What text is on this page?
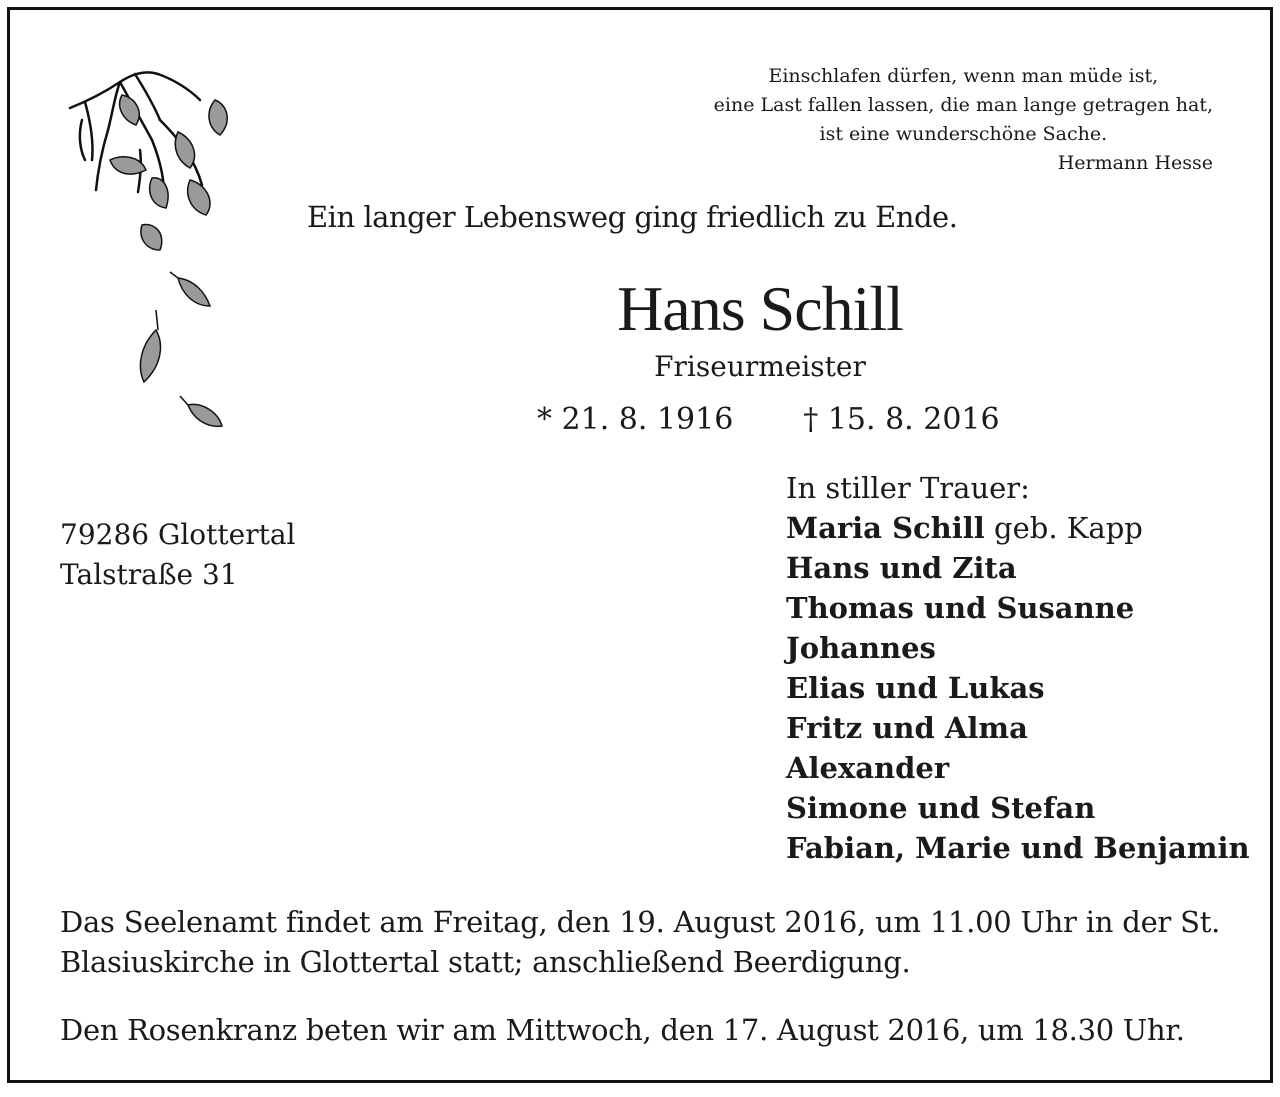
Einschlafen dürfen, wenn man müde ist,
eine Last fallen lassen, die man lange getragen hat,
ist eine wunderschöne Sache.
Hermann Hesse
Ein langer Lebensweg ging friedlich zu Ende.
Hans Schill
Friseurmeister
* 21. 8. 1916 † 15. 8. 2016
79286 Glottertal
Talstraße 31
In stiller Trauer:
Maria Schill geb. Kapp
Hans und Zita
Thomas und Susanne
Johannes
Elias und Lukas
Fritz und Alma
Alexander
Simone und Stefan
Fabian, Marie und Benjamin
Das Seelenamt findet am Freitag, den 19. August 2016, um 11.00 Uhr in der St. Blasiuskirche in Glottertal statt; anschließend Beerdigung.
Den Rosenkranz beten wir am Mittwoch, den 17. August 2016, um 18.30 Uhr.
